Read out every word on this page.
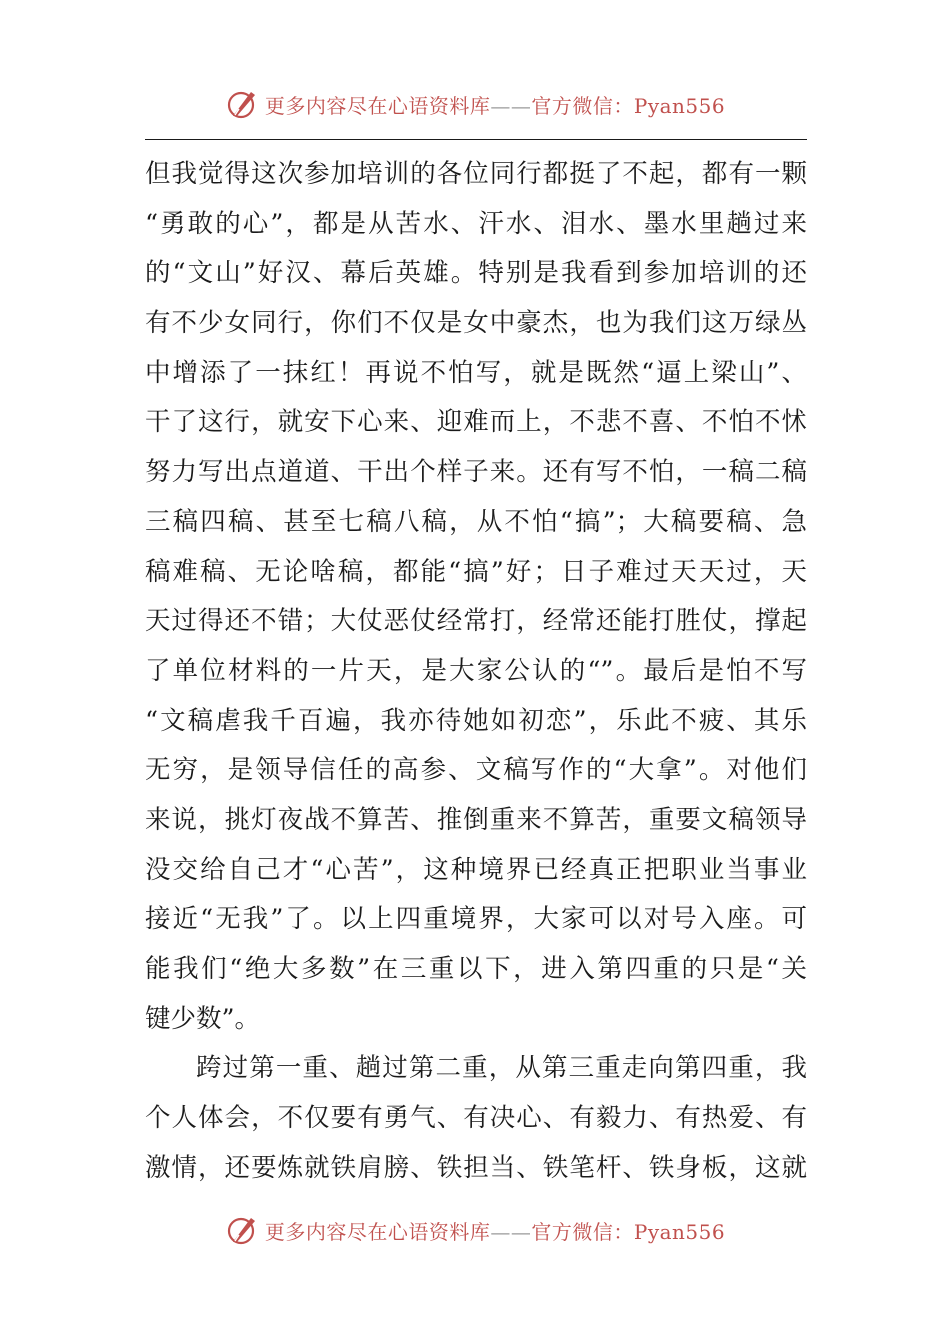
更多内容尽在心语资料库——官方微信：Pyan556
但我觉得这次参加培训的各位同行都挺了不起，都有一颗
“勇敢的心”，都是从苦水、汗水、泪水、墨水里趟过来
的“文山”好汉、幕后英雄。特别是我看到参加培训的还
有不少女同行，你们不仅是女中豪杰，也为我们这万绿丛
中增添了一抹红！再说不怕写，就是既然“逼上梁山”、
干了这行，就安下心来、迎难而上，不悲不喜、不怕不怵
努力写出点道道、干出个样子来。还有写不怕，一稿二稿
三稿四稿、甚至七稿八稿，从不怕“搞”；大稿要稿、急
稿难稿、无论啥稿，都能“搞”好；日子难过天天过，天
天过得还不错；大仗恶仗经常打，经常还能打胜仗，撑起
了单位材料的一片天，是大家公认的“”。最后是怕不写
“文稿虐我千百遍，我亦待她如初恋”，乐此不疲、其乐
无穷，是领导信任的高参、文稿写作的“大拿”。对他们
来说，挑灯夜战不算苦、推倒重来不算苦，重要文稿领导
没交给自己才“心苦”，这种境界已经真正把职业当事业
接近“无我”了。以上四重境界，大家可以对号入座。可
能我们“绝大多数”在三重以下，进入第四重的只是“关
键少数”。
跨过第一重、趟过第二重，从第三重走向第四重，我
个人体会，不仅要有勇气、有决心、有毅力、有热爱、有
激情，还要炼就铁肩膀、铁担当、铁笔杆、铁身板，这就
更多内容尽在心语资料库——官方微信：Pyan556
